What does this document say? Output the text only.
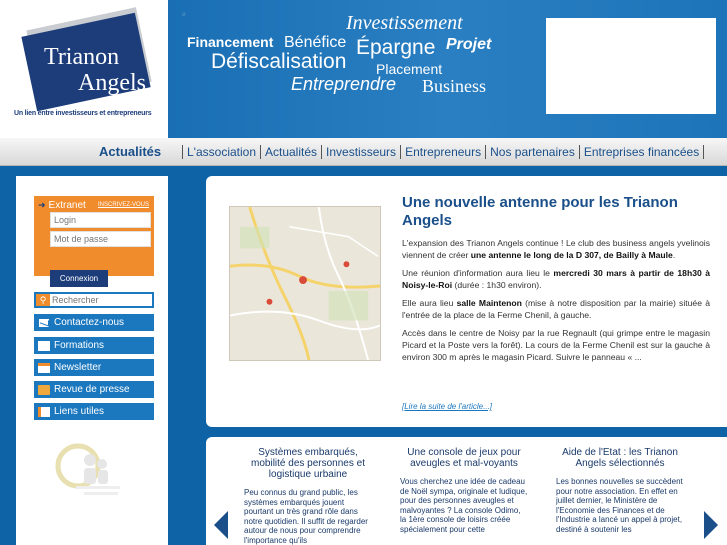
·

Trianon
Angels
Un lien entre investisseurs et entrepreneurs
Investissement
Financement Bénéfice Épargne Projet
Défiscalisation Placement
Entreprendre Business
Actualités	L'association Actualités Investisseurs Entrepreneurs Nos partenaires Entreprises financées
➜ Extranet INSCRIVEZ-VOUS
Login
Connexion
⚲
Rechercher
Contactez-nous
Formations
Newsletter
Revue de presse
Liens utiles
Une nouvelle antenne pour les Trianon Angels

L'expansion des Trianon Angels continue ! Le club des business angels yvelinois viennent de créer une antenne le long de la D 307, de Bailly à Maule.

Une réunion d'information aura lieu le mercredi 30 mars à partir de 18h30 à Noisy-le-Roi (durée : 1h30 environ).

Elle aura lieu salle Maintenon (mise à notre disposition par la mairie) située à l'entrée de la place de la Ferme Chenil, à gauche.

Accès dans le centre de Noisy par la rue Regnault (qui grimpe entre le magasin Picard et la Poste vers la forêt). La cours de la Ferme Chenil est sur la gauche à environ 300 m après le magasin Picard. Suivre le panneau « ...

[Lire la suite de l'article...]
Systèmes embarqués, mobilité des personnes et logistique urbaine
Peu connus du grand public, les systèmes embarqués jouent pourtant un très grand rôle dans notre quotidien. Il suffit de regarder autour de nous pour comprendre l'importance qu'ils
Une console de jeux pour aveugles et mal-voyants
Vous cherchez une idée de cadeau de Noël sympa, originale et ludique, pour des personnes aveugles et malvoyantes ? La console Odimo, la 1ère console de loisirs créée spécialement pour cette
Aide de l'Etat : les Trianon Angels sélectionnés
Les bonnes nouvelles se succèdent pour notre association. En effet en juillet dernier, le Ministère de l'Economie des Finances et de l'Industrie a lancé un appel à projet, destiné à soutenir les
